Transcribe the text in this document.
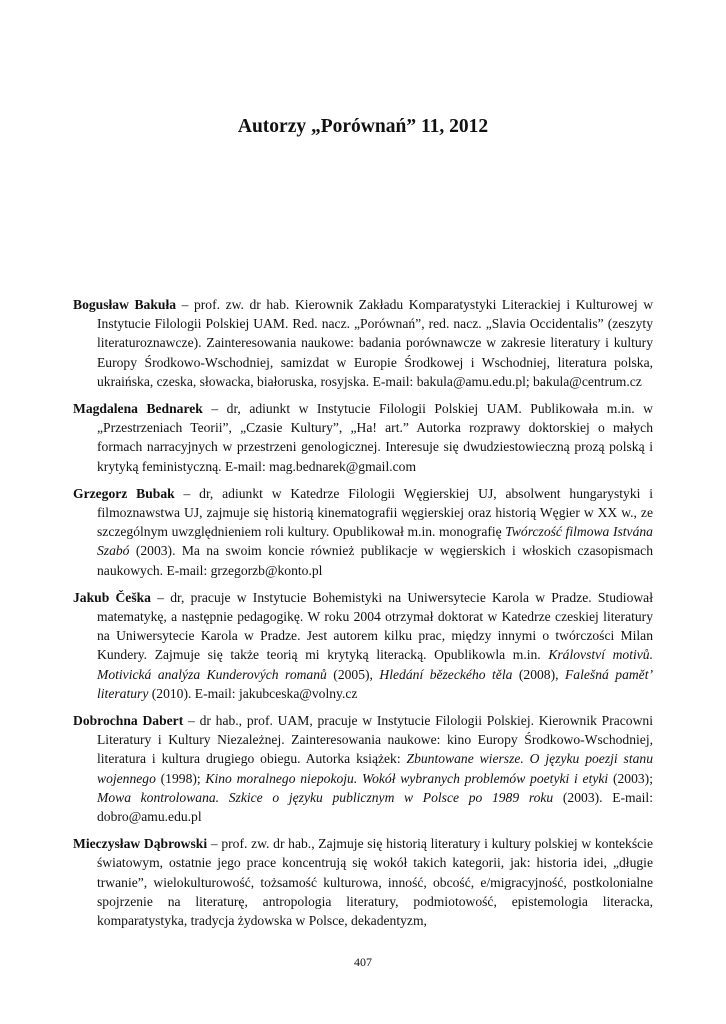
Autorzy „Porównań” 11, 2012

Bogusław Bakuła – prof. zw. dr hab. Kierownik Zakładu Komparatystyki Literackiej i Kulturowej w Instytucie Filologii Polskiej UAM. Red. nacz. „Porównań”, red. nacz. „Slavia Occidentalis” (zeszyty literaturoznawcze). Zainteresowania naukowe: badania porównawcze w zakresie literatury i kultury Europy Środkowo-Wschodniej, samizdat w Europie Środkowej i Wschodniej, literatura polska, ukraińska, czeska, słowacka, białoruska, rosyjska. E-mail: bakula@amu.edu.pl; bakula@centrum.cz

Magdalena Bednarek – dr, adiunkt w Instytucie Filologii Polskiej UAM. Publikowała m.in. w „Przestrzeniach Teorii”, „Czasie Kultury”, „Ha! art.” Autorka rozprawy doktorskiej o małych formach narracyjnych w przestrzeni genologicznej. Interesuje się dwudziestowieczną prozą polską i krytyką feministyczną. E-mail: mag.bednarek@gmail.com

Grzegorz Bubak – dr, adiunkt w Katedrze Filologii Węgierskiej UJ, absolwent hungarystyki i filmoznawstwa UJ, zajmuje się historią kinematografii węgierskiej oraz historią Węgier w XX w., ze szczególnym uwzględnieniem roli kultury. Opublikował m.in. monografię Twórczość filmowa Istvána Szabó (2003). Ma na swoim koncie również publikacje w węgierskich i włoskich czasopismach naukowych. E-mail: grzegorzb@konto.pl

Jakub Češka – dr, pracuje w Instytucie Bohemistyki na Uniwersytecie Karola w Pradze. Studiował matematykę, a następnie pedagogikę. W roku 2004 otrzymał doktorat w Katedrze czeskiej literatury na Uniwersytecie Karola w Pradze. Jest autorem kilku prac, między innymi o twórczości Milan Kundery. Zajmuje się także teorią mi krytyką literacką. Opublikowla m.in. Království motivů. Motivická analýza Kunderových romanů (2005), Hledání bězeckého těla (2008), Falešná pamět’ literatury (2010). E-mail: jakubceska@volny.cz

Dobrochna Dabert – dr hab., prof. UAM, pracuje w Instytucie Filologii Polskiej. Kierownik Pracowni Literatury i Kultury Niezależnej. Zainteresowania naukowe: kino Europy Środkowo-Wschodniej, literatura i kultura drugiego obiegu. Autorka książek: Zbuntowane wiersze. O języku poezji stanu wojennego (1998); Kino moralnego niepokoju. Wokół wybranych problemów poetyki i etyki (2003); Mowa kontrolowana. Szkice o języku publicznym w Polsce po 1989 roku (2003). E-mail: dobro@amu.edu.pl

Mieczysław Dąbrowski – prof. zw. dr hab., Zajmuje się historią literatury i kultury polskiej w kontekście światowym, ostatnie jego prace koncentrują się wokół takich kategorii, jak: historia idei, „długie trwanie”, wielokulturowość, tożsamość kulturowa, inność, obcość, e/migracyjność, postkolonialne spojrzenie na literaturę, antropologia literatury, podmiotowość, epistemologia literacka, komparatystyka, tradycja żydowska w Polsce, dekadentyzm,

407
